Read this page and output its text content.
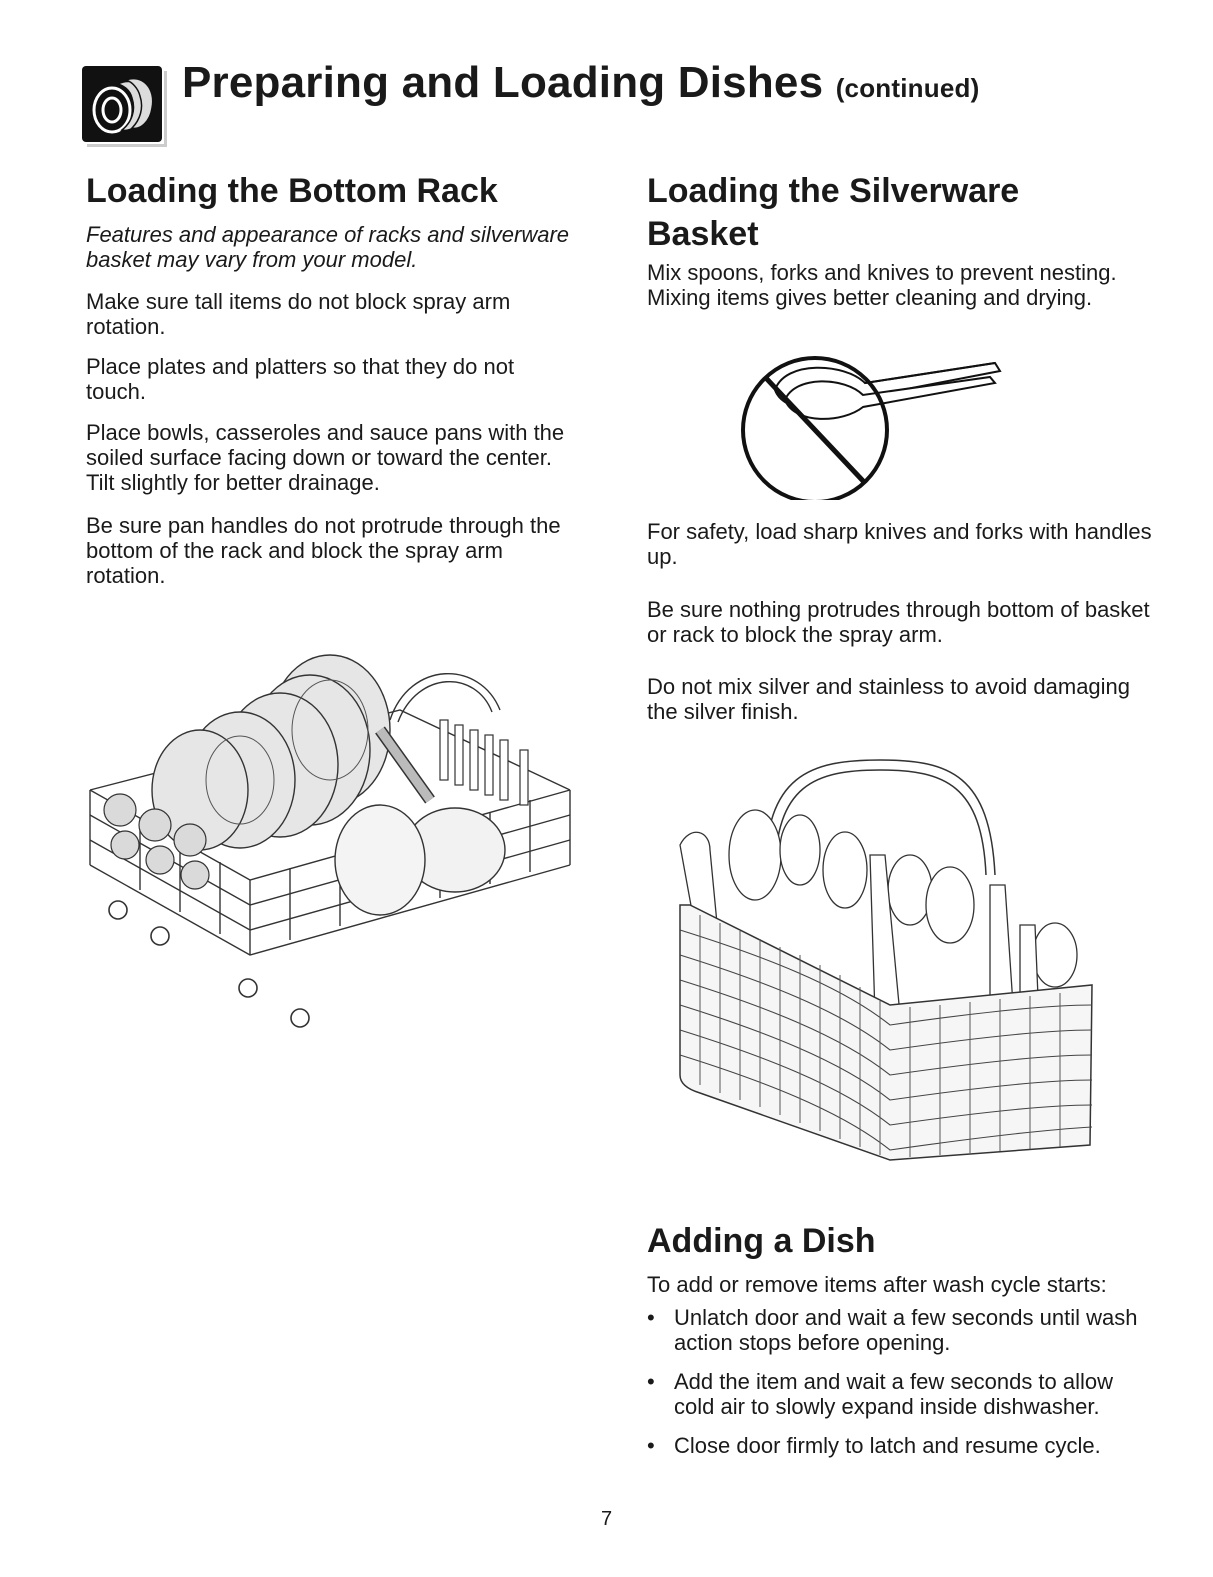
Preparing and Loading Dishes (continued)
Loading the Bottom Rack

Features and appearance of racks and silverware basket may vary from your model.

Make sure tall items do not block spray arm rotation.

Place plates and platters so that they do not touch.

Place bowls, casseroles and sauce pans with the soiled surface facing down or toward the center. Tilt slightly for better drainage.

Be sure pan handles do not protrude through the bottom of the rack and block the spray arm rotation.

Loading the Silverware
Basket

Mix spoons, forks and knives to prevent nesting. Mixing items gives better cleaning and drying.

For safety, load sharp knives and forks with handles up.

Be sure nothing protrudes through bottom of basket or rack to block the spray arm.

Do not mix silver and stainless to avoid damaging the silver finish.

Adding a Dish

To add or remove items after wash cycle starts:

• Unlatch door and wait a few seconds until wash action stops before opening.
• Add the item and wait a few seconds to allow cold air to slowly expand inside dishwasher.
• Close door firmly to latch and resume cycle.
7
